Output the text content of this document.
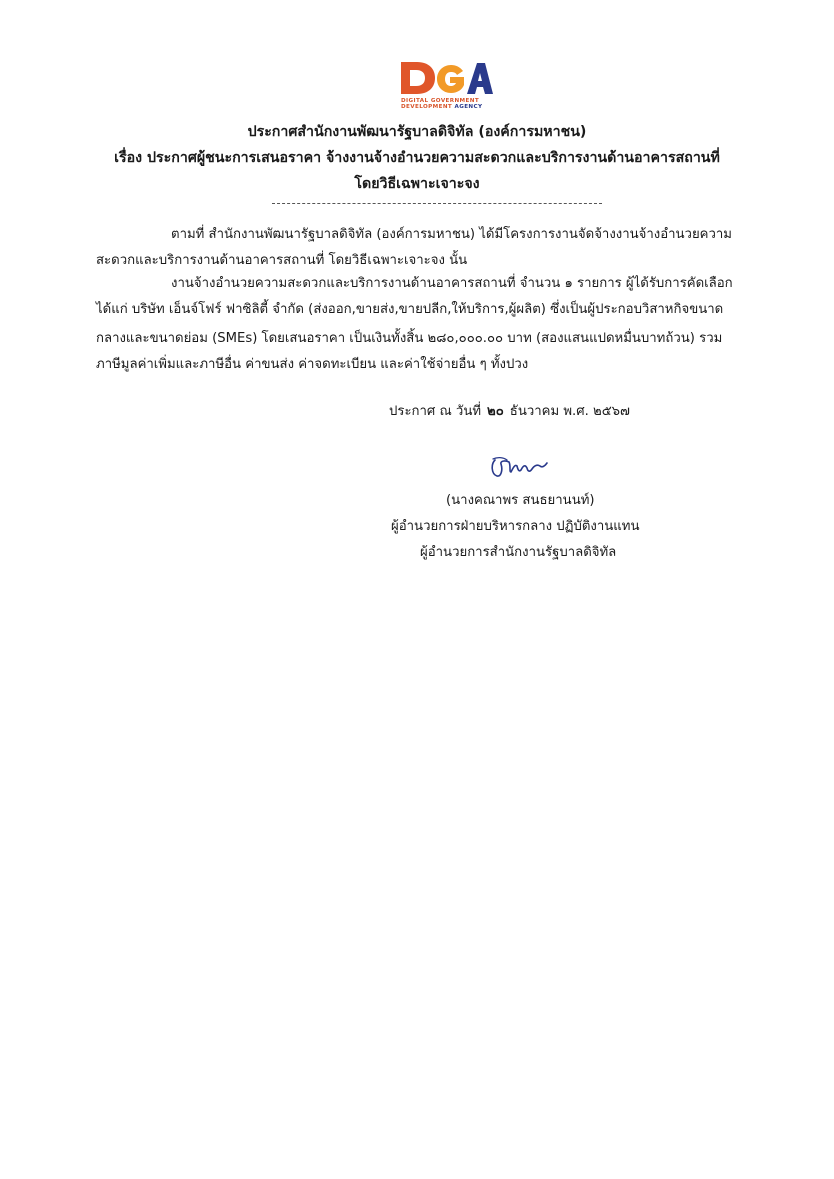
DIGITAL GOVERNMENT
DEVELOPMENT AGENCY
ประกาศสำนักงานพัฒนารัฐบาลดิจิทัล (องค์การมหาชน)
เรื่อง ประกาศผู้ชนะการเสนอราคา จ้างงานจ้างอำนวยความสะดวกและบริการงานด้านอาคารสถานที่
โดยวิธีเฉพาะเจาะจง
ตามที่ สำนักงานพัฒนารัฐบาลดิจิทัล (องค์การมหาชน) ได้มีโครงการงานจัดจ้างงานจ้างอำนวยความ
สะดวกและบริการงานด้านอาคารสถานที่ โดยวิธีเฉพาะเจาะจง นั้น
งานจ้างอำนวยความสะดวกและบริการงานด้านอาคารสถานที่ จำนวน ๑ รายการ ผู้ได้รับการคัดเลือก
ได้แก่ บริษัท เอ็นจ์โฟร์ ฟาซิลิตี้ จำกัด (ส่งออก,ขายส่ง,ขายปลีก,ให้บริการ,ผู้ผลิต) ซึ่งเป็นผู้ประกอบวิสาหกิจขนาด
กลางและขนาดย่อม (SMEs) โดยเสนอราคา เป็นเงินทั้งสิ้น ๒๘๐,๐๐๐.๐๐ บาท (สองแสนแปดหมื่นบาทถ้วน) รวม
ภาษีมูลค่าเพิ่มและภาษีอื่น ค่าขนส่ง ค่าจดทะเบียน และค่าใช้จ่ายอื่น ๆ ทั้งปวง
ประกาศ ณ วันที่ ๒๐ ธันวาคม พ.ศ. ๒๕๖๗
(นางคณาพร สนธยานนท์)
ผู้อำนวยการฝ่ายบริหารกลาง ปฏิบัติงานแทน
ผู้อำนวยการสำนักงานรัฐบาลดิจิทัล
